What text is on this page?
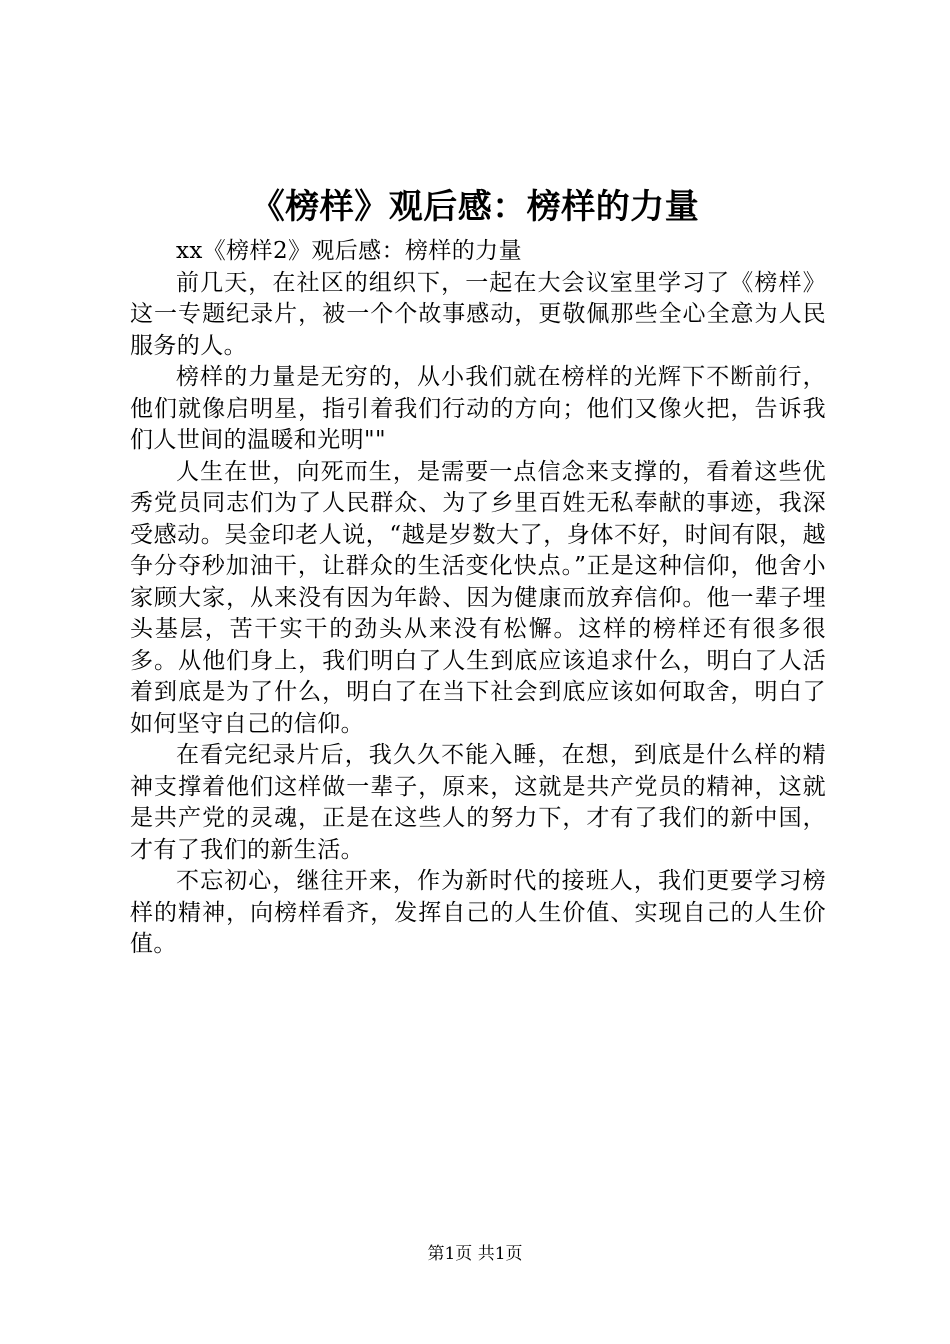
《榜样》观后感：榜样的力量

xx《榜样2》观后感：榜样的力量

前几天，在社区的组织下，一起在大会议室里学习了《榜样》这一专题纪录片，被一个个故事感动，更敬佩那些全心全意为人民服务的人。

榜样的力量是无穷的，从小我们就在榜样的光辉下不断前行，他们就像启明星，指引着我们行动的方向；他们又像火把，告诉我们人世间的温暖和光明""

人生在世，向死而生，是需要一点信念来支撑的，看着这些优秀党员同志们为了人民群众、为了乡里百姓无私奉献的事迹，我深受感动。吴金印老人说，“越是岁数大了，身体不好，时间有限，越争分夺秒加油干，让群众的生活变化快点。”正是这种信仰，他舍小家顾大家，从来没有因为年龄、因为健康而放弃信仰。他一辈子埋头基层，苦干实干的劲头从来没有松懈。这样的榜样还有很多很多。从他们身上，我们明白了人生到底应该追求什么，明白了人活着到底是为了什么，明白了在当下社会到底应该如何取舍，明白了如何坚守自己的信仰。

在看完纪录片后，我久久不能入睡，在想，到底是什么样的精神支撑着他们这样做一辈子，原来，这就是共产党员的精神，这就是共产党的灵魂，正是在这些人的努力下，才有了我们的新中国，才有了我们的新生活。

不忘初心，继往开来，作为新时代的接班人，我们更要学习榜样的精神，向榜样看齐，发挥自己的人生价值、实现自己的人生价值。

第1页 共1页
